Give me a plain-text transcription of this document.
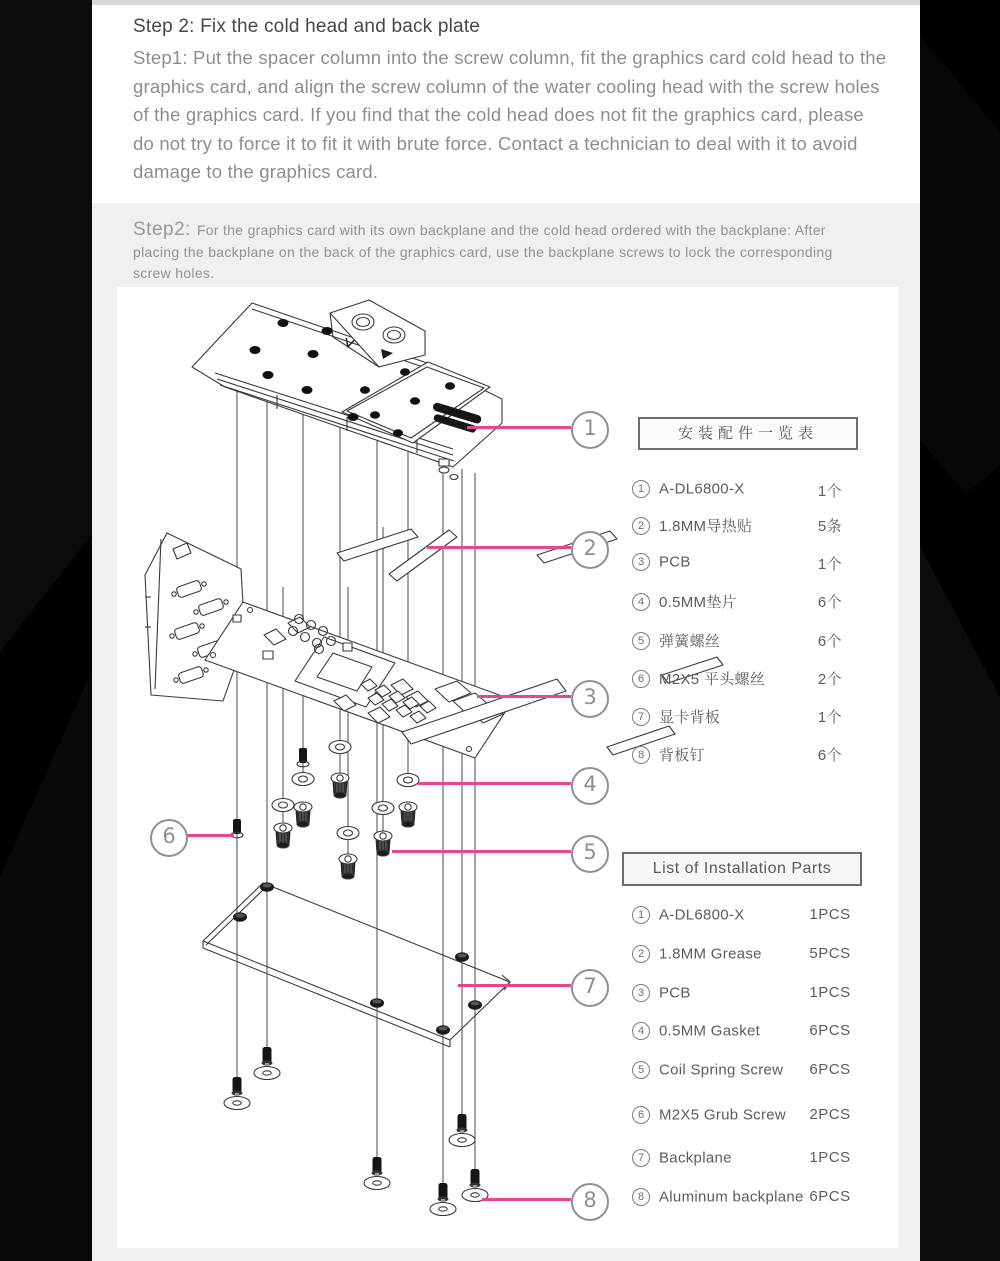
Step 2: Fix the cold head and back plate
Step1: Put the spacer column into the screw column, fit the graphics card cold head to the graphics card, and align the screw column of the water cooling head with the screw holes of the graphics card. If you find that the cold head does not fit the graphics card, please do not try to force it to fit it with brute force. Contact a technician to deal with it to avoid damage to the graphics card.
Step2: For the graphics card with its own backplane and the cold head ordered with the backplane: After placing the backplane on the back of the graphics card, use the backplane screws to lock the corresponding screw holes.
1
2
3
4
5
6
7
8
安装配件一览表
1 A-DL6800-X	1个
2 1.8MM导热贴	5条
3 PCB	1个
4 0.5MM垫片	6个
5 弹簧螺丝	6个
6 M2X5 平头螺丝	2个
7 显卡背板	1个
8 背板钉	6个
List of Installation Parts
1 A-DL6800-X	1PCS
2 1.8MM Grease	5PCS
3 PCB	1PCS
4 0.5MM Gasket	6PCS
5 Coil Spring Screw	6PCS
6 M2X5 Grub Screw	2PCS
7 Backplane	1PCS
8 Aluminum backplane 6PCS
